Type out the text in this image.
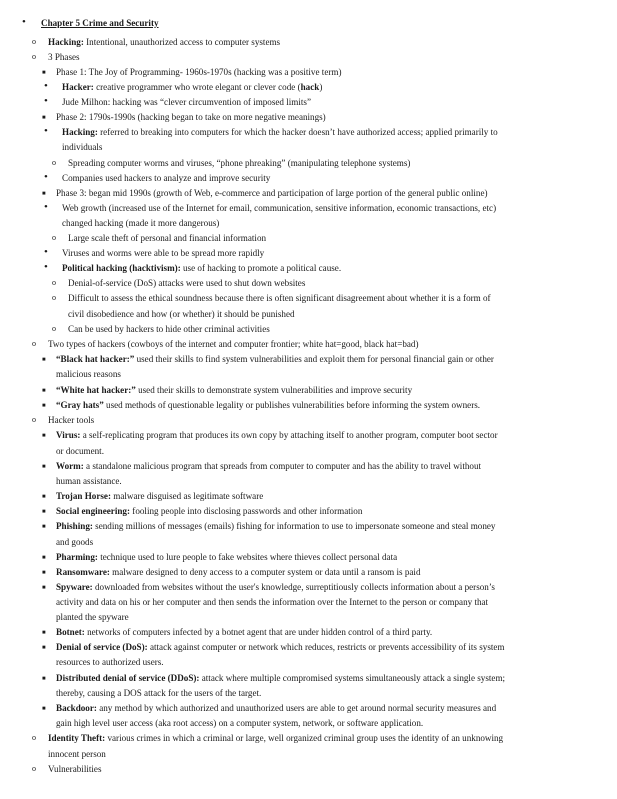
•
Chapter 5 Crime and Security
o
Hacking: Intentional, unauthorized access to computer systems
o
3 Phases
■
Phase 1: The Joy of Programming- 1960s-1970s (hacking was a positive term)
•
Hacker: creative programmer who wrote elegant or clever code (hack)
•
Jude Milhon: hacking was “clever circumvention of imposed limits”
■
Phase 2: 1790s-1990s (hacking began to take on more negative meanings)
•
Hacking: referred to breaking into computers for which the hacker doesn’t have authorized access; applied primarily to
individuals
o
Spreading computer worms and viruses, “phone phreaking” (manipulating telephone systems)
•
Companies used hackers to analyze and improve security
■
Phase 3: began mid 1990s (growth of Web, e-commerce and participation of large portion of the general public online)
•
Web growth (increased use of the Internet for email, communication, sensitive information, economic transactions, etc)
changed hacking (made it more dangerous)
o
Large scale theft of personal and financial information
•
Viruses and worms were able to be spread more rapidly
•
Political hacking (hacktivism): use of hacking to promote a political cause.
o
Denial-of-service (DoS) attacks were used to shut down websites
o
Difficult to assess the ethical soundness because there is often significant disagreement about whether it is a form of
civil disobedience and how (or whether) it should be punished
o
Can be used by hackers to hide other criminal activities
o
Two types of hackers (cowboys of the internet and computer frontier; white hat=good, black hat=bad)
■
“Black hat hacker:” used their skills to find system vulnerabilities and exploit them for personal financial gain or other
malicious reasons
■
“White hat hacker:” used their skills to demonstrate system vulnerabilities and improve security
■
“Gray hats” used methods of questionable legality or publishes vulnerabilities before informing the system owners.
o
Hacker tools
■
Virus: a self-replicating program that produces its own copy by attaching itself to another program, computer boot sector
or document.
■
Worm: a standalone malicious program that spreads from computer to computer and has the ability to travel without
human assistance.
■
Trojan Horse: malware disguised as legitimate software
■
Social engineering: fooling people into disclosing passwords and other information
■
Phishing: sending millions of messages (emails) fishing for information to use to impersonate someone and steal money
and goods
■
Pharming: technique used to lure people to fake websites where thieves collect personal data
■
Ransomware: malware designed to deny access to a computer system or data until a ransom is paid
■
Spyware: downloaded from websites without the user's knowledge, surreptitiously collects information about a person’s
activity and data on his or her computer and then sends the information over the Internet to the person or company that
planted the spyware
■
Botnet: networks of computers infected by a botnet agent that are under hidden control of a third party.
■
Denial of service (DoS): attack against computer or network which reduces, restricts or prevents accessibility of its system
resources to authorized users.
■
Distributed denial of service (DDoS): attack where multiple compromised systems simultaneously attack a single system;
thereby, causing a DOS attack for the users of the target.
■
Backdoor: any method by which authorized and unauthorized users are able to get around normal security measures and
gain high level user access (aka root access) on a computer system, network, or software application.
o
Identity Theft: various crimes in which a criminal or large, well organized criminal group uses the identity of an unknowing
innocent person
o
Vulnerabilities
